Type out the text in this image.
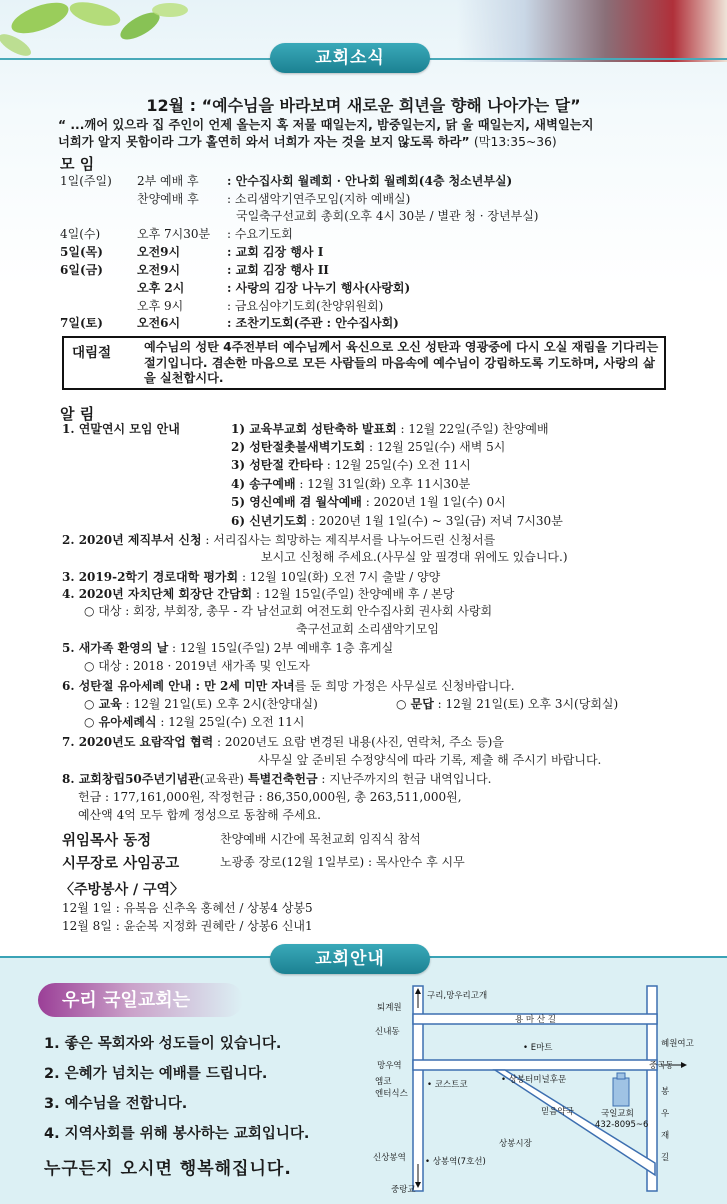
교회소식
12월 : “예수님을 바라보며 새로운 희년을 향해 나아가는 달”
“ ...깨어 있으라 집 주인이 언제 올는지 혹 저물 때일는지, 밤중일는지, 닭 울 때일는지, 새벽일는지
너희가 알지 못함이라 그가 홀연히 와서 너희가 자는 것을 보지 않도록 하라” (막13:35~36)
모 임
1일(주일) 2부 예배 후 : 안수집사회 월례회 · 안나회 월례회(4층 청소년부실)
찬양예배 후 : 소리샘악기연주모임(지하 예배실)
국일축구선교회 총회(오후 4시 30분 / 별관 청 · 장년부실)
4일(수)	오후 7시30분 : 수요기도회
5일(목)	오전9시	: 교회 김장 행사 I
6일(금)	오전9시	: 교회 김장 행사 II
오후 2시	: 사랑의 김장 나누기 행사(사랑회)
오후 9시	: 금요심야기도회(찬양위원회)
7일(토)	오전6시	: 조찬기도회(주관 : 안수집사회)
대림절	예수님의 성탄 4주전부터 예수님께서 육신으로 오신 성탄과 영광중에 다시 오실 재림을 기다리는 절기입니다. 겸손한 마음으로 모든 사람들의 마음속에 예수님이 강림하도록 기도하며, 사랑의 삶을 실천합시다.
알 림
1. 연말연시 모임 안내	1) 교육부교회 성탄축하 발표회 : 12월 22일(주일) 찬양예배
2) 성탄절촛불새벽기도회 : 12월 25일(수) 새벽 5시
3) 성탄절 칸타타 : 12월 25일(수) 오전 11시
4) 송구예배 : 12월 31일(화) 오후 11시30분
5) 영신예배 겸 월삭예배 : 2020년 1월 1일(수) 0시
6) 신년기도회 : 2020년 1월 1일(수) ~ 3일(금) 저녁 7시30분
2. 2020년 제직부서 신청 : 서리집사는 희망하는 제직부서를 나누어드린 신청서를
보시고 신청해 주세요.(사무실 앞 필경대 위에도 있습니다.)
3. 2019-2학기 경로대학 평가회 : 12월 10일(화) 오전 7시 출발 / 양양
4. 2020년 자치단체 회장단 간담회 : 12월 15일(주일) 찬양예배 후 / 본당
○ 대상 : 회장, 부회장, 총무 - 각 남선교회 여전도회 안수집사회 권사회 사랑회
축구선교회 소리샘악기모임
5. 새가족 환영의 날 : 12월 15일(주일) 2부 예배후 1층 휴게실
○ 대상 : 2018 · 2019년 새가족 및 인도자
6. 성탄절 유아세례 안내 : 만 2세 미만 자녀를 둔 희망 가정은 사무실로 신청바랍니다.
○ 교육 : 12월 21일(토) 오후 2시(찬양대실)	○ 문답 : 12월 21일(토) 오후 3시(당회실)
○ 유아세례식 : 12월 25일(수) 오전 11시
7. 2020년도 요람작업 협력 : 2020년도 요람 변경된 내용(사진, 연락처, 주소 등)을
사무실 앞 준비된 수정양식에 따라 기록, 제출 해 주시기 바랍니다.
8. 교회창립50주년기념관(교육관) 특별건축헌금 : 지난주까지의 헌금 내역입니다.
헌금 : 177,161,000원, 작정헌금 : 86,350,000원, 총 263,511,000원,
예산액 4억 모두 합께 정성으로 동참해 주세요.
위임목사 동정	찬양예배 시간에 목천교회 임직식 참석
시무장로 사임공고	노광종 장로(12월 1일부로) : 목사안수 후 시무
〈주방봉사 / 구역〉
12월 1일 : 유복음 신추옥 홍혜선 / 상봉4 상봉5
12월 8일 : 윤순복 지정화 권혜란 / 상봉6 신내1
교회안내
우리 국일교회는
1. 좋은 목회자와 성도들이 있습니다.
2. 은혜가 넘치는 예배를 드립니다.
3. 예수님을 전합니다.
4. 지역사회를 위해 봉사하는 교회입니다.
누구든지 오시면 행복해집니다.
구리,망우리고개
퇴계원
용 마 산 길
신내동
혜원여고
• E마트
망우역	중곡동
• 코스트코	• 상봉터미널후문
엠코
엔터식스
국일교회
432-8095~6
믿음약국
봉
우
재
길
상봉시장
신상봉역 • 상봉역(7호선)
중랑교
